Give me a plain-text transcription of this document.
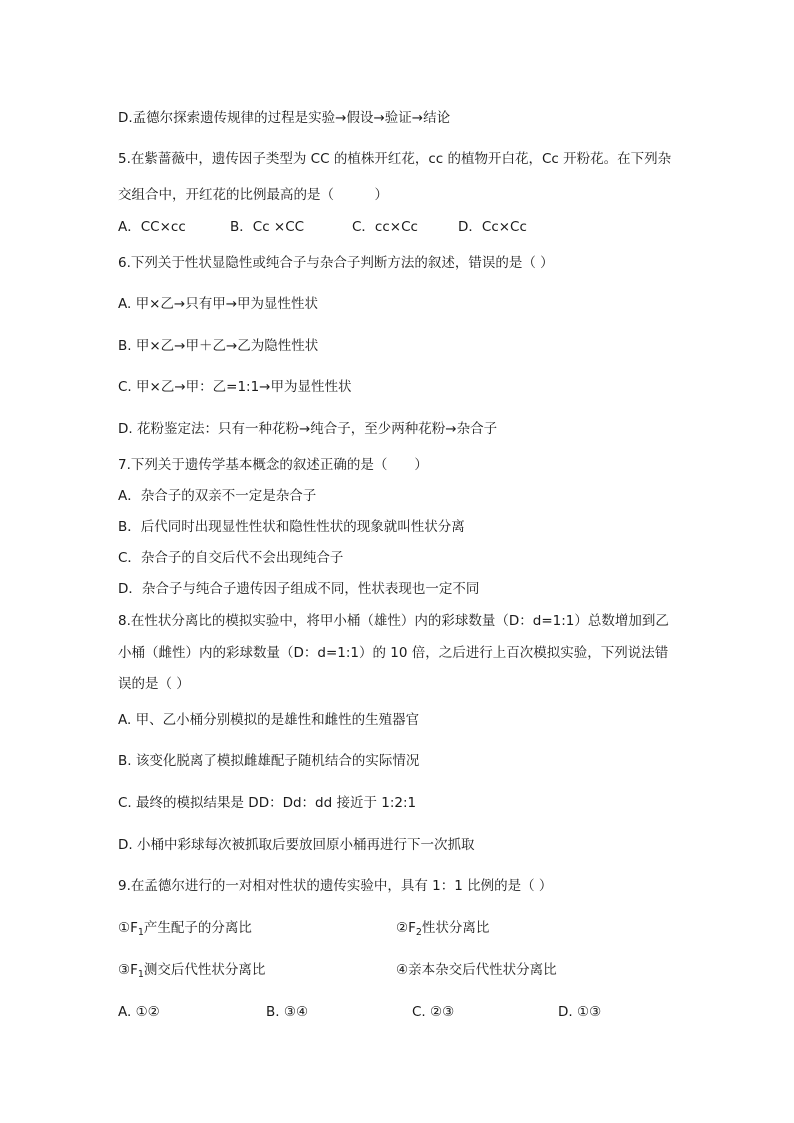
D.孟德尔探索遗传规律的过程是实验→假设→验证→结论
5.在紫蔷薇中，遗传因子类型为 CC 的植株开红花，cc 的植物开白花，Cc 开粉花。在下列杂
交组合中，开红花的比例最高的是（　　　）
A．CC×cc	B．Cc ×CC	C．cc×Cc	D．Cc×Cc
6.下列关于性状显隐性或纯合子与杂合子判断方法的叙述，错误的是（ ）
A. 甲×乙→只有甲→甲为显性性状
B. 甲×乙→甲＋乙→乙为隐性性状
C. 甲×乙→甲：乙=1:1→甲为显性性状
D. 花粉鉴定法：只有一种花粉→纯合子，至少两种花粉→杂合子
7.下列关于遗传学基本概念的叙述正确的是（　　）
A．杂合子的双亲不一定是杂合子
B．后代同时出现显性性状和隐性性状的现象就叫性状分离
C．杂合子的自交后代不会出现纯合子
D．杂合子与纯合子遗传因子组成不同，性状表现也一定不同
8.在性状分离比的模拟实验中，将甲小桶（雄性）内的彩球数量（D：d=1:1）总数增加到乙
小桶（雌性）内的彩球数量（D：d=1:1）的 10 倍，之后进行上百次模拟实验，下列说法错
误的是（ ）
A. 甲、乙小桶分别模拟的是雄性和雌性的生殖器官
B. 该变化脱离了模拟雌雄配子随机结合的实际情况
C. 最终的模拟结果是 DD：Dd：dd 接近于 1:2:1
D. 小桶中彩球每次被抓取后要放回原小桶再进行下一次抓取
9.在孟德尔进行的一对相对性状的遗传实验中，具有 1：1 比例的是（ ）
$①F_1$产生配子的分离比	$②F_2$性状分离比
$③F_1$测交后代性状分离比	④亲本杂交后代性状分离比
A. ①②	B. ③④	C. ②③	D. ①③
